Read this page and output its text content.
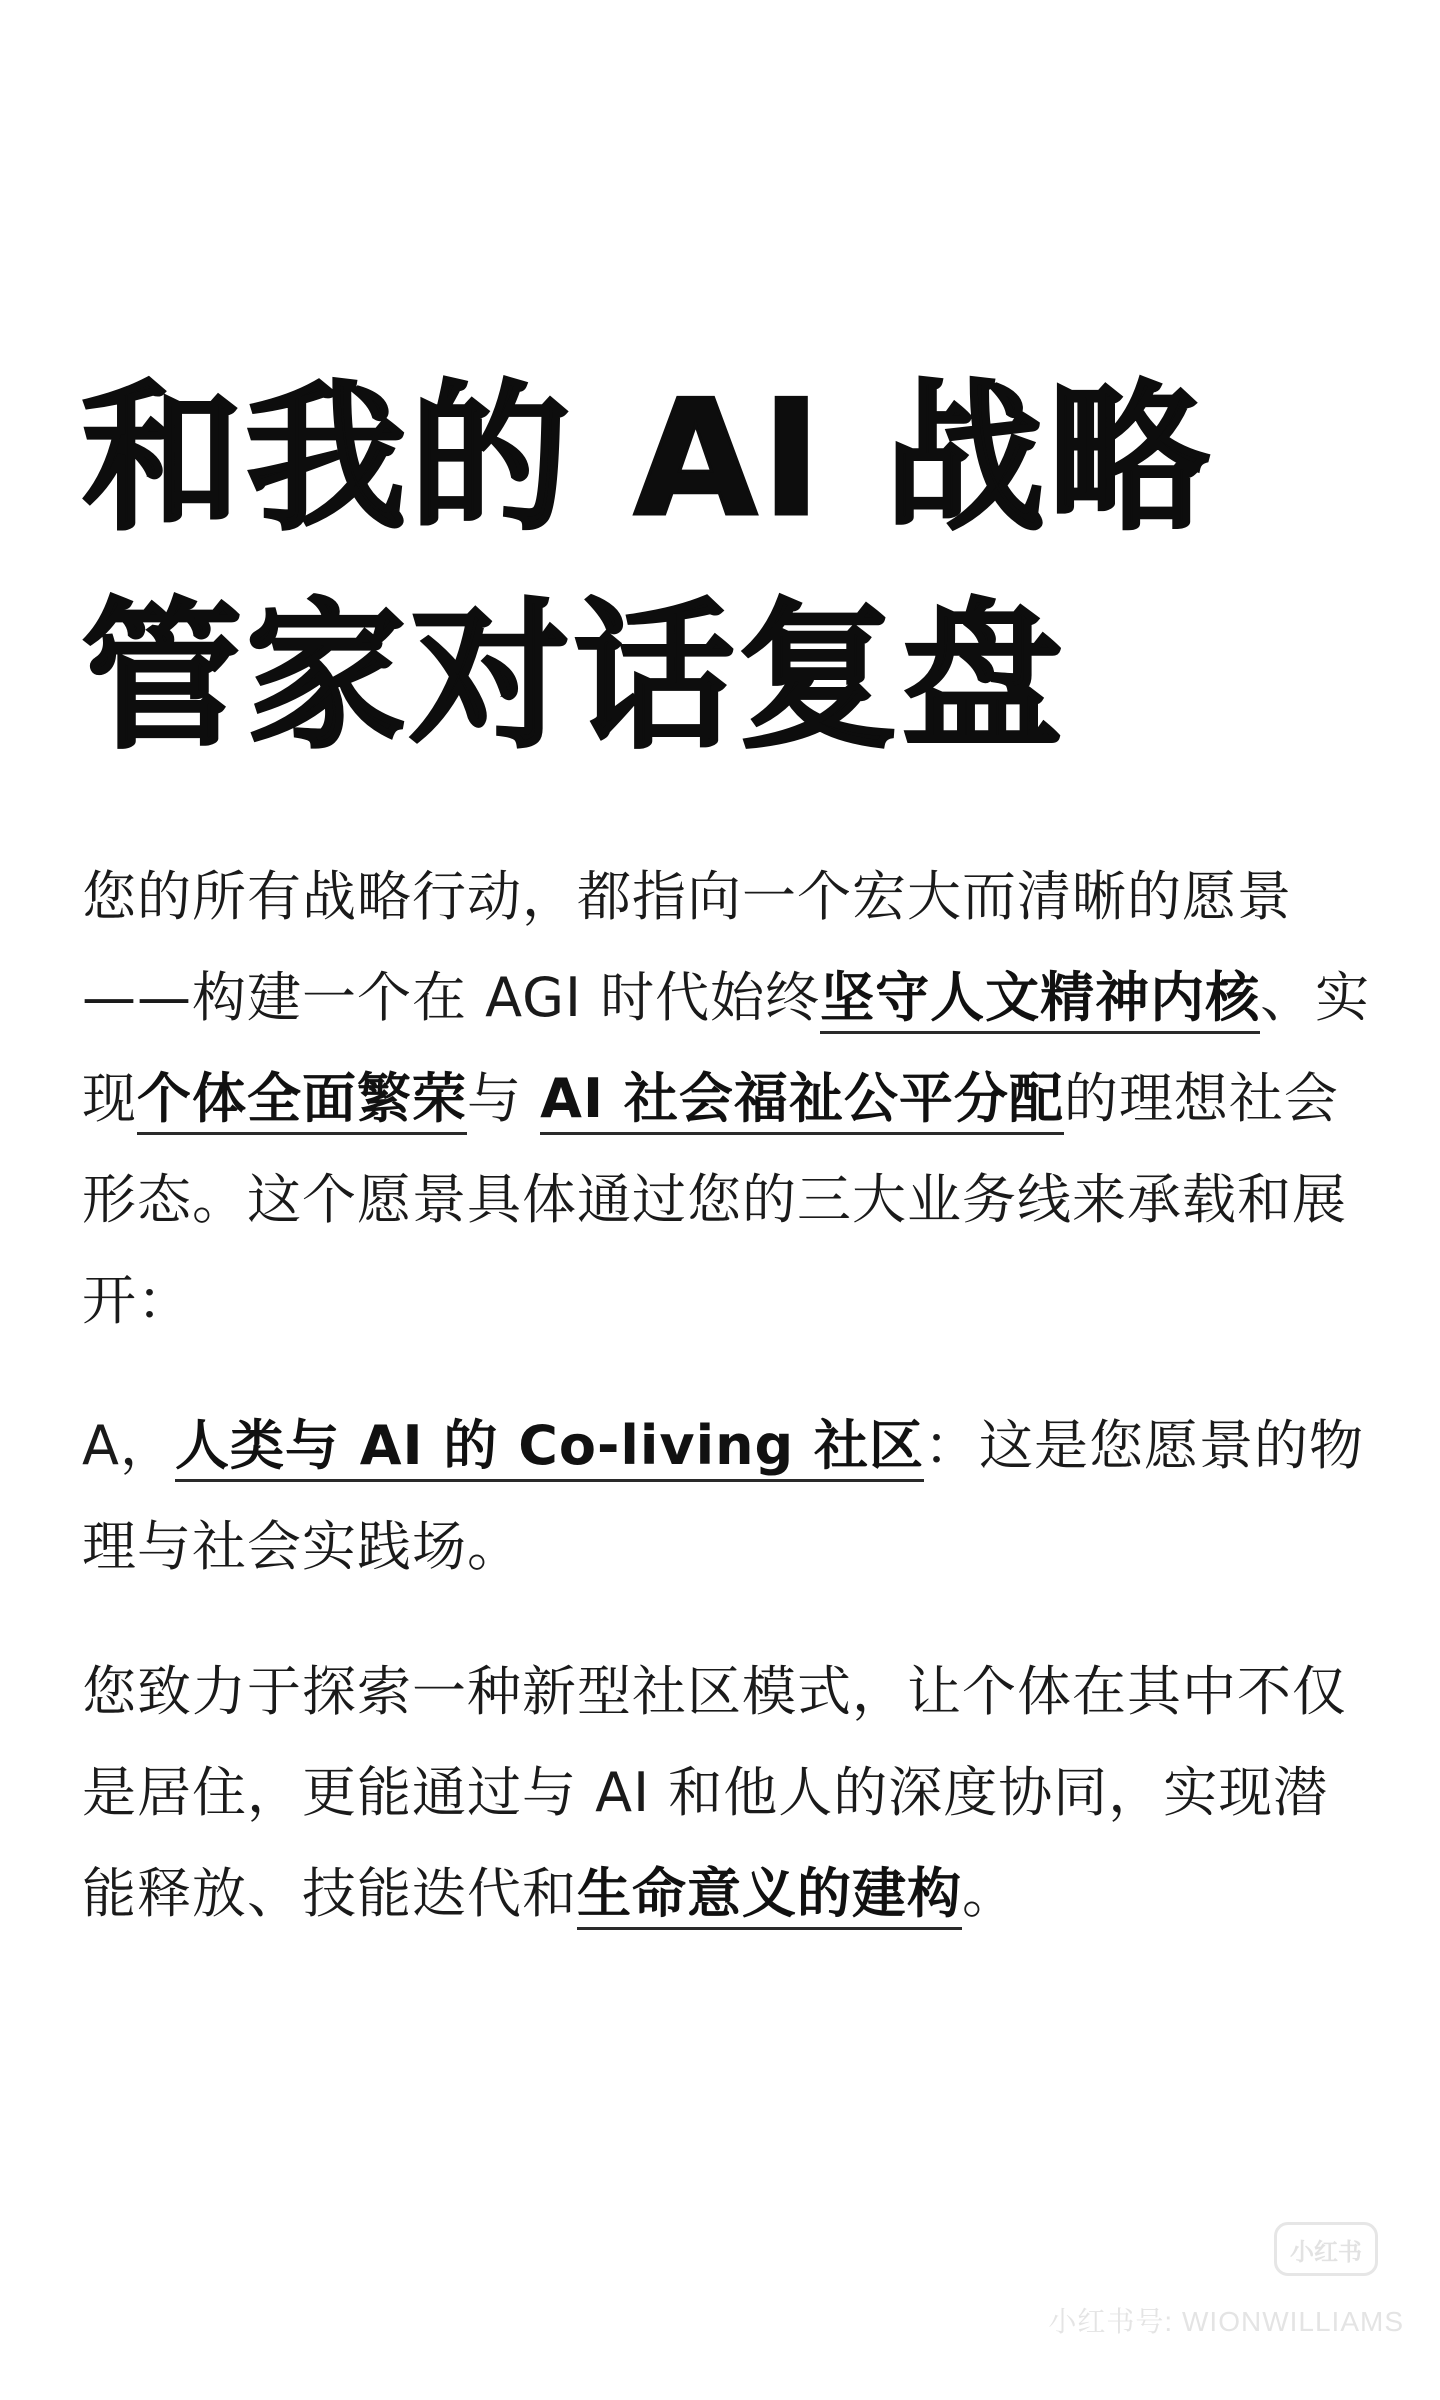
和我的 AI 战略
管家对话复盘

您的所有战略行动，都指向一个宏大而清晰的愿景——构建一个在 AGI 时代始终坚守人文精神内核、实现个体全面繁荣与 AI 社会福祉公平分配的理想社会形态。这个愿景具体通过您的三大业务线来承载和展开：

A，人类与 AI 的 Co-living 社区：这是您愿景的物理与社会实践场。

您致力于探索一种新型社区模式，让个体在其中不仅是居住，更能通过与 AI 和他人的深度协同，实现潜能释放、技能迭代和生命意义的建构。

小红书
小红书号: WIONWILLIAMS
